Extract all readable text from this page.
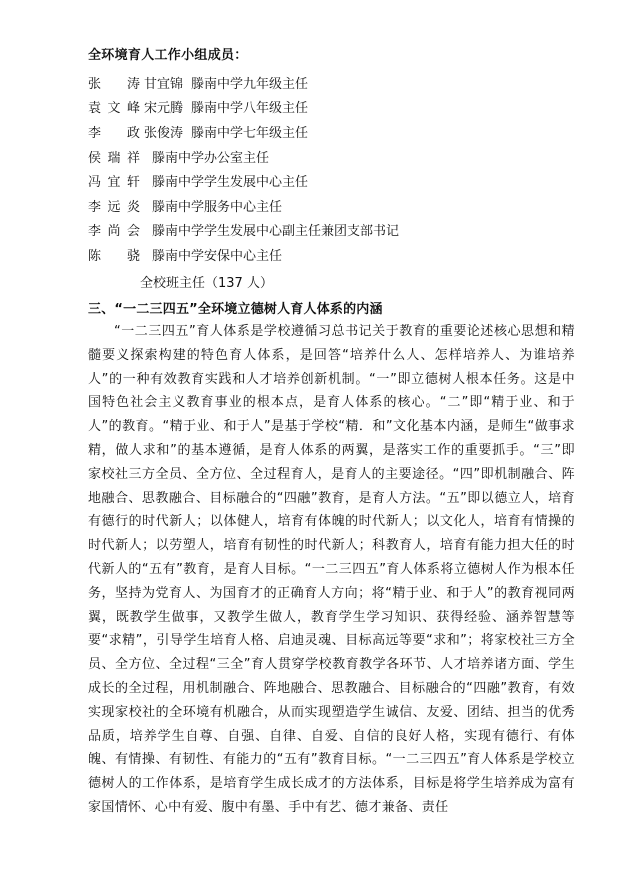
全环境育人工作小组成员：
张　涛 甘宜锦 滕南中学九年级主任
袁文峰 宋元腾 滕南中学八年级主任
李　政 张俊涛 滕南中学七年级主任
侯瑞祥 滕南中学办公室主任
冯宜轩 滕南中学学生发展中心主任
李远炎 滕南中学服务中心主任
李尚会 滕南中学学生发展中心副主任兼团支部书记
陈　骁 滕南中学安保中心主任
全校班主任（137 人）
三、“一二三四五”全环境立德树人育人体系的内涵
“一二三四五”育人体系是学校遵循习总书记关于教育的重要论述核心思想和精髓要义探索构建的特色育人体系，是回答“培养什么人、怎样培养人、为谁培养人”的一种有效教育实践和人才培养创新机制。“一”即立德树人根本任务。这是中国特色社会主义教育事业的根本点，是育人体系的核心。“二”即“精于业、和于人”的教育。“精于业、和于人”是基于学校“精．和”文化基本内涵，是师生“做事求精，做人求和”的基本遵循，是育人体系的两翼，是落实工作的重要抓手。“三”即家校社三方全员、全方位、全过程育人，是育人的主要途径。“四”即机制融合、阵地融合、思教融合、目标融合的“四融”教育，是育人方法。“五”即以德立人，培育有德行的时代新人；以体健人，培育有体魄的时代新人；以文化人，培育有情操的时代新人；以劳塑人，培育有韧性的时代新人；科教育人，培育有能力担大任的时代新人的“五有”教育，是育人目标。“一二三四五”育人体系将立德树人作为根本任务，坚持为党育人、为国育才的正确育人方向；将“精于业、和于人”的教育视同两翼，既教学生做事，又教学生做人，教育学生学习知识、获得经验、涵养智慧等要“求精”，引导学生培育人格、启迪灵魂、目标高远等要“求和”；将家校社三方全员、全方位、全过程“三全”育人贯穿学校教育教学各环节、人才培养诸方面、学生成长的全过程，用机制融合、阵地融合、思教融合、目标融合的“四融”教育，有效实现家校社的全环境有机融合，从而实现塑造学生诚信、友爱、团结、担当的优秀品质，培养学生自尊、自强、自律、自爱、自信的良好人格，实现有德行、有体魄、有情操、有韧性、有能力的“五有”教育目标。“一二三四五”育人体系是学校立德树人的工作体系，是培育学生成长成才的方法体系，目标是将学生培养成为富有家国情怀、心中有爱、腹中有墨、手中有艺、德才兼备、责任
